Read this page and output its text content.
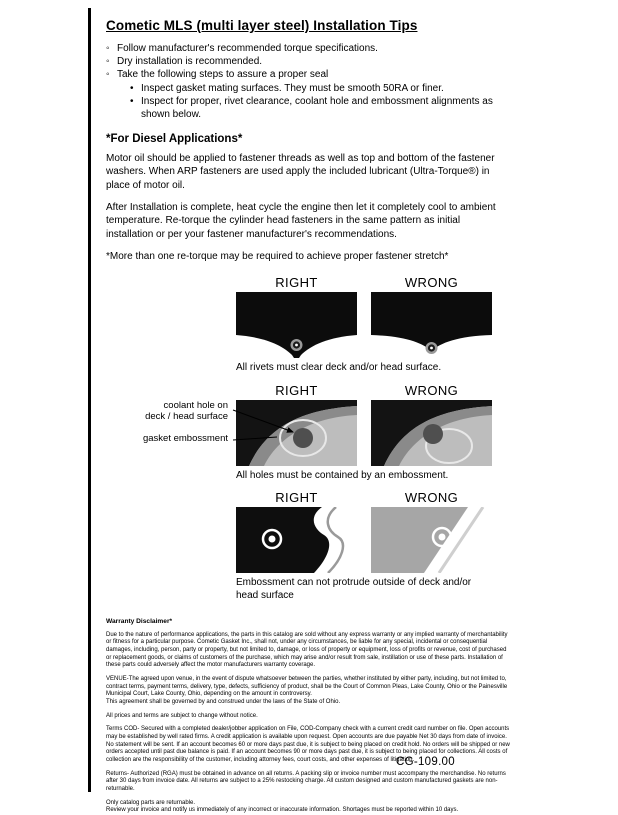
Cometic MLS (multi layer steel) Installation Tips
◦ Follow manufacturer's recommended torque specifications.
◦ Dry installation is recommended.
◦ Take the following steps to assure a proper seal
• Inspect gasket mating surfaces. They must be smooth 50RA or finer.
• Inspect for proper, rivet clearance, coolant hole and embossment alignments as shown below.
*For Diesel Applications*

Motor oil should be applied to fastener threads as well as top and bottom of the fastener washers. When ARP fasteners are used apply the included lubricant (Ultra-Torque®) in place of motor oil.

After Installation is complete, heat cycle the engine then let it completely cool to ambient temperature. Re-torque the cylinder head fasteners in the same pattern as initial installation or per your fastener manufacturer's recommendations.

*More than one re-torque may be required to achieve proper fastener stretch*

RIGHT	WRONG

All rivets must clear deck and/or head surface.

coolant hole on
deck / head surface
gasket embossment
RIGHT	WRONG

All holes must be contained by an embossment.

RIGHT	WRONG

Embossment can not protrude outside of deck and/or head surface

Warranty Disclaimer*

Due to the nature of performance applications, the parts in this catalog are sold without any express warranty or any implied warranty of merchantability or fitness for a particular purpose. Cometic Gasket Inc., shall not, under any circumstances, be liable for any special, incidental or consequential damages, including, person, party or property, but not limited to, damage, or loss of property or equipment, loss of profits or revenue, cost of purchased or replacement goods, or claims of customers of the purchase, which may arise and/or result from sale, instillation or use of these parts. Installation of these parts could adversely affect the motor manufacturers warranty coverage.

VENUE-The agreed upon venue, in the event of dispute whatsoever between the parties, whether instituted by either party, including, but not limited to, contract terms, payment terms, delivery, type, defects, sufficiency of product, shall be the Court of Common Pleas, Lake County, Ohio or the Painesville Municipal Court, Lake County, Ohio, depending on the amount in controversy.

This agreement shall be governed by and construed under the laws of the State of Ohio.

All prices and terms are subject to change without notice.

Terms COD- Secured with a completed dealer/jobber application on File, COD-Company check with a current credit card number on file. Open accounts may be established by well rated firms. A credit application is available upon request. Open accounts are due payable Net 30 days from date of invoice. No statement will be sent. If an account becomes 60 or more days past due, it is subject to being placed on credit hold. No orders will be shipped or new orders accepted until past due balance is paid. If an account becomes 90 or more days past due, it is subject to being placed for collections. All costs of collection are the responsibility of the customer, including attorney fees, court costs, and other expenses of litigation.

Returns- Authorized (RGA) must be obtained in advance on all returns. A packing slip or invoice number must accompany the merchandise. No returns after 30 days from invoice date. All returns are subject to a 25% restocking charge. All custom designed and custom manufactured gaskets are non-returnable.

Only catalog parts are returnable.

Review your invoice and notify us immediately of any incorrect or inaccurate information. Shortages must be reported within 10 days.

CG-109.00
